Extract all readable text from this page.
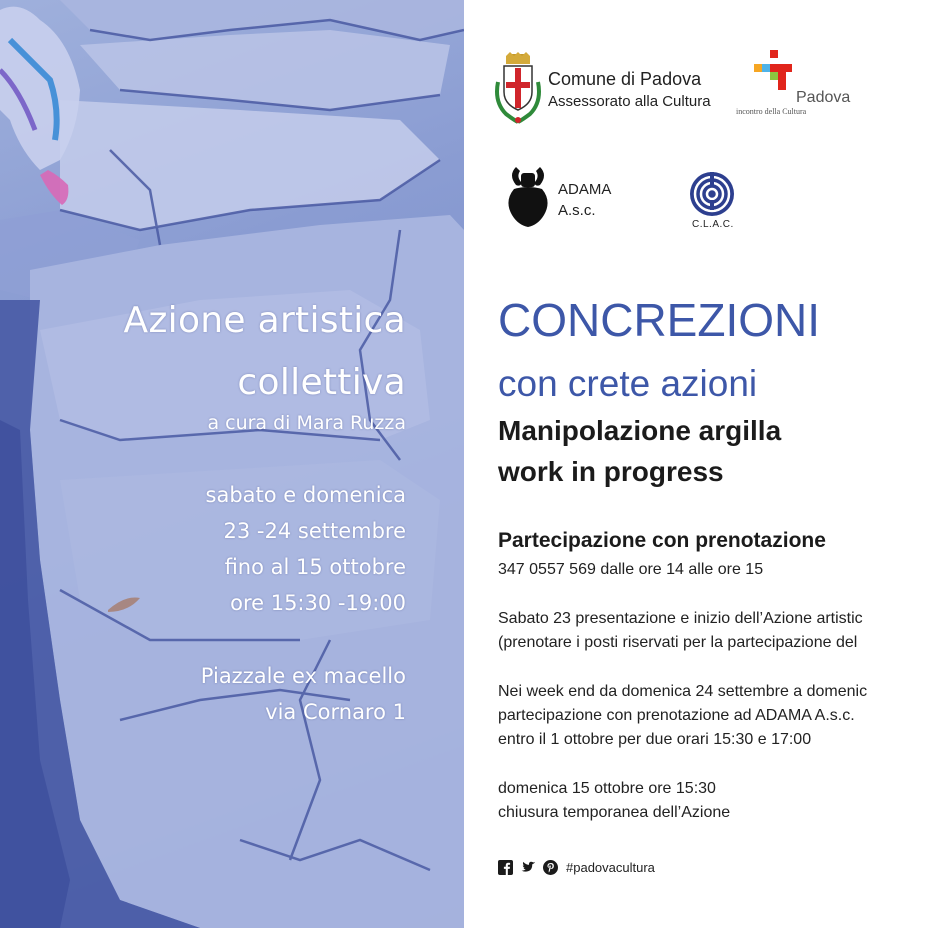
Azione artistica
collettiva
a cura di Mara Ruzza
sabato e domenica
23 -24 settembre
fino al 15 ottobre
ore 15:30 -19:00
Piazzale ex macello
via Cornaro 1
Comune di Padova
Assessorato alla Cultura	Padova
incontro della Cultura
ADAMA
A.s.c.
C.L.A.C.
CONCREZIONI
con crete azioni
Manipolazione argilla
work in progress
Partecipazione con prenotazione
347 0557 569 dalle ore 14 alle ore 15
Sabato 23 presentazione e inizio dell’Azione artistic
(prenotare i posti riservati per la partecipazione del
Nei week end da domenica 24 settembre a domenic
partecipazione con prenotazione ad ADAMA A.s.c.
entro il 1 ottobre per due orari 15:30 e 17:00
domenica 15 ottobre ore 15:30
chiusura temporanea dell’Azione
#padovacultura
